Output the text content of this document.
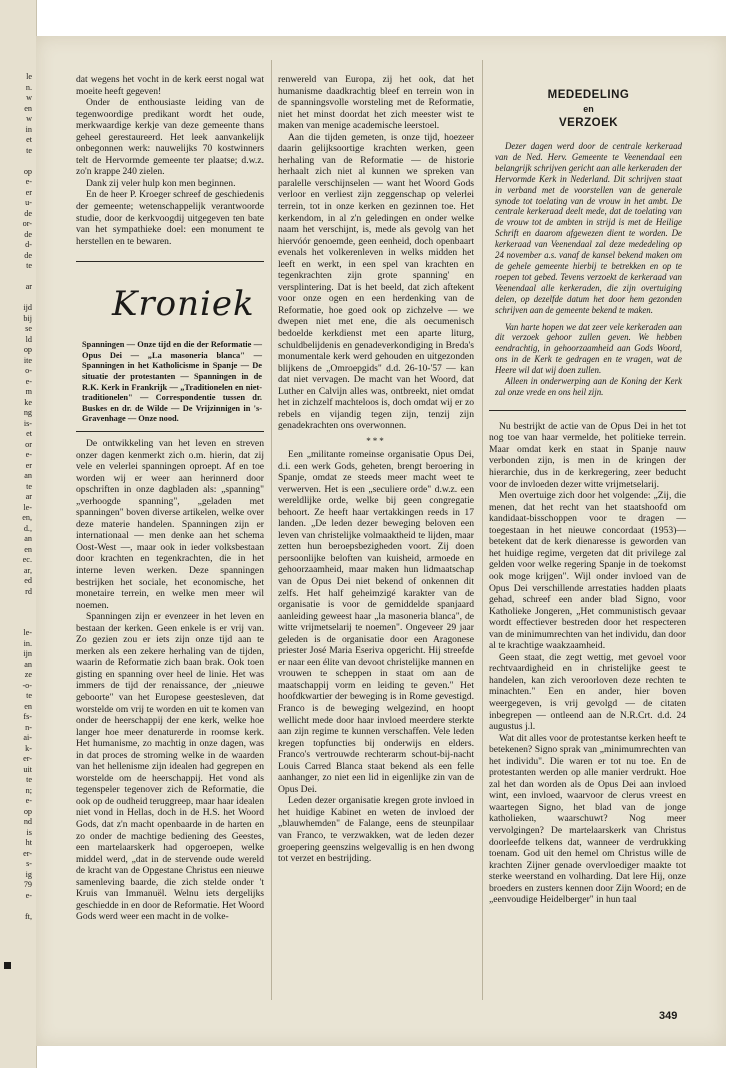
le
n.
w
en
w
in
et
te
op
e-
er
u-
de
or-
de
d-
de
te
ar
ijd
bij
se
ld
op
ite
o-
e-
m
ke
ng
is-
et
or
e-
er
an
te
ar
le-
en,
d.,
an
en
ec.
ar,
ed
rd
le-
in.
ijn
an
ze
-o-
te
en
fs-
n-
ai-
k-
er-
uit
te
n;
e-
op
nd
is
ht
er-
s-
ig
79
e-
ft,

dat wegens het vocht in de kerk eerst nogal wat moeite heeft gegeven!

Onder de enthousiaste leiding van de tegenwoordige predikant wordt het oude, merkwaardige kerkje van deze gemeente thans geheel gerestaureerd. Het leek aanvankelijk onbegonnen werk: nauwelijks 70 kostwinners telt de Hervormde gemeente ter plaatse; d.w.z. zo'n krappe 240 zielen.

Dank zij veler hulp kon men beginnen.

En de heer P. Kroeger schreef de geschiedenis der gemeente; wetenschappelijk verantwoorde studie, door de kerkvoogdij uitgegeven ten bate van het sympathieke doel: een monument te herstellen en te bewaren.

Kroniek
Spanningen — Onze tijd en die der Reformatie — Opus Dei — „La masoneria blanca" — Spanningen in het Katholicisme in Spanje — De situatie der protestanten — Spanningen in de R.K. Kerk in Frankrijk — „Traditionelen en niet-traditionelen" — Correspondentie tussen dr. Buskes en dr. de Wilde — De Vrijzinnigen in 's-Gravenhage — Onze nood.

De ontwikkeling van het leven en streven onzer dagen kenmerkt zich o.m. hierin, dat zij vele en velerlei spanningen oproept. Af en toe worden wij er weer aan herinnerd door opschriften in onze dagbladen als: „spanning" „verhoogde spanning", „geladen met spanningen" boven diverse artikelen, welke over deze materie handelen. Spanningen zijn er internationaal — men denke aan het schema Oost-West —, maar ook in ieder volksbestaan door krachten en tegenkrachten, die in het interne leven werken. Deze spanningen bestrijken het sociale, het economische, het monetaire terrein, en welke men meer wil noemen.

Spanningen zijn er evenzeer in het leven en bestaan der kerken. Geen enkele is er vrij van. Zo gezien zou er iets zijn onze tijd aan te merken als een zekere herhaling van de tijden, waarin de Reformatie zich baan brak. Ook toen gisting en spanning over heel de linie. Het was immers de tijd der renaissance, der „nieuwe geboorte" van het Europese geestesleven, dat worstelde om vrij te worden en uit te komen van onder de heerschappij der ene kerk, welke hoe langer hoe meer denaturerde in roomse kerk. Het humanisme, zo machtig in onze dagen, was in dat proces de stroming welke in de waarden van het hellenisme zijn idealen had gegrepen en worstelde om de heerschappij. Het vond als tegenspeler tegenover zich de Reformatie, die ook op de oudheid teruggreep, maar haar idealen niet vond in Hellas, doch in de H.S. het Woord Gods, dat z'n macht openbaarde in de harten en zo onder de machtige bediening des Geestes, een martelaarskerk had opgeroepen, welke middel werd, „dat in de stervende oude wereld de kracht van de Opgestane Christus een nieuwe samenleving baarde, die zich stelde onder 't Kruis van Immanuël. Welnu iets dergelijks geschiedde in en door de Reformatie. Het Woord Gods werd weer een macht in de volke-

renwereld van Europa, zij het ook, dat het humanisme daadkrachtig bleef en terrein won in de spanningsvolle worsteling met de Reformatie, niet het minst doordat het zich meester wist te maken van menige academische leerstoel.

Aan die tijden gemeten, is onze tijd, hoezeer daarin gelijksoortige krachten werken, geen herhaling van de Reformatie — de historie herhaalt zich niet al kunnen we spreken van paralelle verschijnselen — want het Woord Gods verloor en verliest zijn zeggenschap op velerlei terrein, tot in onze kerken en gezinnen toe. Het kerkendom, in al z'n geledingen en onder welke naam het verschijnt, is, mede als gevolg van het hiervóór genoemde, geen eenheid, doch openbaart evenals het volkerenleven in welks midden het leeft en werkt, in een spel van krachten en tegenkrachten zijn grote spanning' en versplintering. Dat is het beeld, dat zich aftekent voor onze ogen en een herdenking van de Reformatie, hoe goed ook op zichzelve — we dwepen niet met ene, die als oecumenisch bedoelde kerkdienst met een aparte liturg, schuldbelijdenis en genadeverkondiging in Breda's monumentale kerk werd gehouden en uitgezonden blijkens de „Omroepgids" d.d. 26-10-'57 — kan dat niet vervagen. De macht van het Woord, dat Luther en Calvijn alles was, ontbreekt, niet omdat het in zichzelf machteloos is, doch omdat wij er zo rebels en vijandig tegen zijn, tenzij zijn genadekrachten ons overwonnen.

***

Een „militante romeinse organisatie Opus Dei, d.i. een werk Gods, geheten, brengt beroering in Spanje, omdat ze steeds meer macht weet te verwerven. Het is een „seculiere orde" d.w.z. een wereldlijke orde, welke bij geen congregatie behoort. Ze heeft haar vertakkingen reeds in 17 landen. „De leden dezer beweging beloven een leven van christelijke volmaaktheid te lijden, maar zetten hun beroepsbezigheden voort. Zij doen persoonlijke beloften van kuisheid, armoede en gehoorzaamheid, maar maken hun lidmaatschap van de Opus Dei niet bekend of onkennen dit zelfs. Het half geheimzigé karakter van de organisatie is voor de gemiddelde spanjaard aanleiding geweest haar „la masoneria blanca", de witte vrijmetselarij te noemen". Ongeveer 29 jaar geleden is de organisatie door een Aragonese priester José Maria Eseriva opgericht. Hij streefde er naar een élite van devoot christelijke mannen en vrouwen te scheppen in staat om aan de maatschappij vorm en leiding te geven." Het hoofdkwartier der beweging is in Rome gevestigd. Franco is de beweging welgezind, en hoopt wellicht mede door haar invloed meerdere sterkte aan zijn regime te kunnen verschaffen. Vele leden kregen topfuncties bij onderwijs en elders. Franco's vertrouwde rechterarm schout-bij-nacht Louis Carred Blanca staat bekend als een felle aanhanger, zo niet een lid in eigenlijke zin van de Opus Dei.

Leden dezer organisatie kregen grote invloed in het huidige Kabinet en weten de invloed der „blauwhemden" de Falange, eens de steunpilaar van Franco, te verzwakken, wat de leden dezer groepering geenszins welgevallig is en hen dwong tot verzet en bestrijding.

MEDEDELING
en
VERZOEK

Dezer dagen werd door de centrale kerkeraad van de Ned. Herv. Gemeente te Veenendaal een belangrijk schrijven gericht aan alle kerkeraden der Hervormde Kerk in Nederland. Dit schrijven staat in verband met de voorstellen van de generale synode tot toelating van de vrouw in het ambt. De centrale kerkeraad deelt mede, dat de toelating van de vrouw tot de ambten in strijd is met de Heilige Schrift en daarom afgewezen dient te worden. De kerkeraad van Veenendaal zal deze mededeling op 24 november a.s. vanaf de kansel bekend maken om de gehele gemeente hierbij te betrekken en op te roepen tot gebed. Tevens verzoekt de kerkeraad van Veenendaal alle kerkeraden, die zijn overtuiging delen, op dezelfde datum het door hem gezonden schrijven aan de gemeente bekend te maken.

Van harte hopen we dat zeer vele kerkeraden aan dit verzoek gehoor zullen geven. We hebben eendrachtig, in gehoorzaamheid aan Gods Woord, ons in de Kerk te gedragen en te vragen, wat de Heere wil dat wij doen zullen.

Alleen in onderwerping aan de Koning der Kerk zal onze vrede en ons heil zijn.

Nu bestrijkt de actie van de Opus Dei in het tot nog toe van haar vermelde, het politieke terrein. Maar omdat kerk en staat in Spanje nauw verbonden zijn, is men in de kringen der hierarchie, dus in de kerkregering, zeer beducht voor de invloeden dezer witte vrijmetselarij.

Men overtuige zich door het volgende: „Zij, die menen, dat het recht van het staatshoofd om kandidaat-bisschoppen voor te dragen — toegestaan in het nieuwe concordaat (1953)—betekent dat de kerk dienaresse is geworden van het huidige regime, vergeten dat dit privilege zal gelden voor welke regering Spanje in de toekomst ook moge krijgen". Wijl onder invloed van de Opus Dei verschillende arrestaties hadden plaats gehad, schreef een ander blad Signo, voor Katholieke Jongeren, „Het communistisch gevaar wordt effectiever bestreden door het respecteren van de minimumrechten van het individu, dan door al te krachtige waakzaamheid.

Geen staat, die zegt wettig, met gevoel voor rechtvaardigheid en in christelijke geest te handelen, kan zich veroorloven deze rechten te minachten." Een en ander, hier boven weergegeven, is vrij gevolgd — de citaten inbegrepen — ontleend aan de N.R.Crt. d.d. 24 augustus j.l.

Wat dit alles voor de protestantse kerken heeft te betekenen? Signo sprak van „minimumrechten van het individu". Die waren er tot nu toe. En de protestanten werden op alle manier verdrukt. Hoe zal het dan worden als de Opus Dei aan invloed wint, een invloed, waarvoor de clerus vreest en waartegen Signo, het blad van de jonge katholieken, waarschuwt? Nog meer vervolgingen? De martelaarskerk van Christus doorleefde telkens dat, wanneer de verdrukking toenam. God uit den hemel om Christus wille de krachten Zijner genade overvloediger maakte tot sterke weerstand en volharding. Dat lere Hij, onze broeders en zusters kennen door Zijn Woord; en de „eenvoudige Heidelberger" in hun taal

349
